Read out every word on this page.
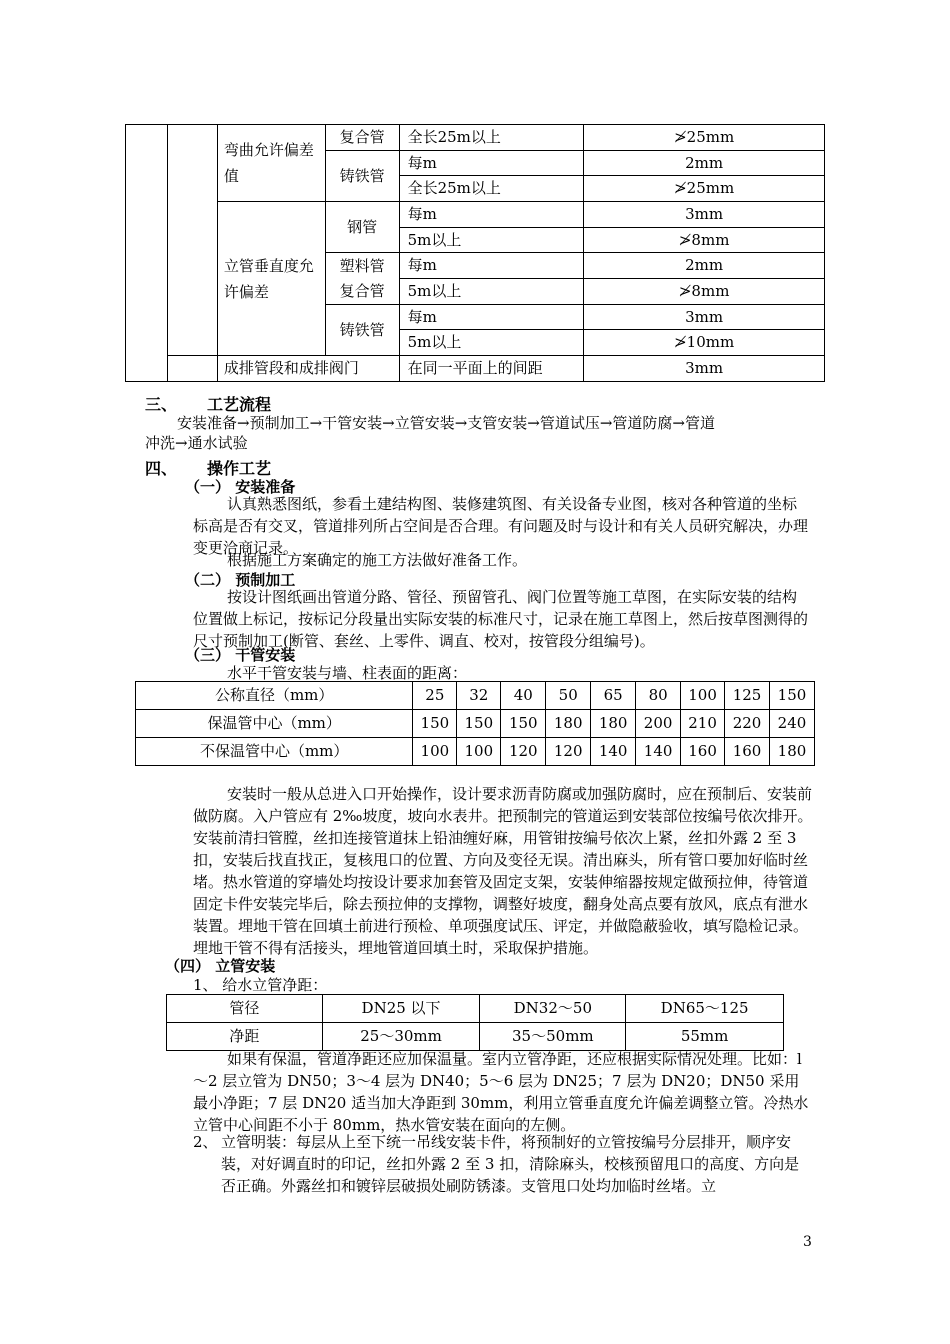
		弯曲允许偏差值	复合管	全长25m以上	≯25mm
			铸铁管	每m	2mm
				全长25m以上	≯25mm
		立管垂直度允许偏差	钢管	每m	3mm
				5m以上	≯8mm
			塑料管	每m	2mm
			复合管	5m以上	≯8mm
			铸铁管	每m	3mm
				5m以上	≯10mm
		成排管段和成排阀门		在同一平面上的间距	3mm
三、 工艺流程
安装准备→预制加工→干管安装→立管安装→支管安装→管道试压→管道防腐→管道
冲洗→通水试验
四、 操作工艺
（一） 安装准备
认真熟悉图纸，参看土建结构图、装修建筑图、有关设备专业图，核对各种管道的坐标标高是否有交叉，管道排列所占空间是否合理。有问题及时与设计和有关人员研究解决，办理变更洽商记录。
根据施工方案确定的施工方法做好准备工作。
（二） 预制加工
按设计图纸画出管道分路、管径、预留管孔、阀门位置等施工草图，在实际安装的结构位置做上标记，按标记分段量出实际安装的标准尺寸，记录在施工草图上，然后按草图测得的尺寸预制加工(断管、套丝、上零件、调直、校对，按管段分组编号)。
（三） 干管安装
水平干管安装与墙、柱表面的距离：
公称直径（mm）	25	32	40	50	65	80	100	125	150
保温管中心（mm）	150	150	150	180	180	200	210	220	240
不保温管中心（mm）	100	100	120	120	140	140	160	160	180
安装时一般从总进入口开始操作，设计要求沥青防腐或加强防腐时，应在预制后、安装前做防腐。入户管应有 2‰坡度，坡向水表井。把预制完的管道运到安装部位按编号依次排开。安装前清扫管膛，丝扣连接管道抹上铅油缠好麻，用管钳按编号依次上紧，丝扣外露 2 至 3 扣，安装后找直找正，复核甩口的位置、方向及变径无误。清出麻头，所有管口要加好临时丝堵。热水管道的穿墙处均按设计要求加套管及固定支架，安装伸缩器按规定做预拉伸，待管道固定卡件安装完毕后，除去预拉伸的支撑物，调整好坡度，翻身处高点要有放风，底点有泄水装置。埋地干管在回填土前进行预检、单项强度试压、评定，并做隐蔽验收，填写隐检记录。埋地干管不得有活接头，埋地管道回填土时，采取保护措施。
（四） 立管安装
1、 给水立管净距：
管径	DN25 以下	DN32～50	DN65～125
净距	25～30mm	35～50mm	55mm
如果有保温，管道净距还应加保温量。室内立管净距，还应根据实际情况处理。比如：l～2 层立管为 DN50；3～4 层为 DN40；5～6 层为 DN25；7 层为 DN20；DN50 采用最小净距；7 层 DN20 适当加大净距到 30mm，利用立管垂直度允许偏差调整立管。冷热水立管中心间距不小于 80mm，热水管安装在面向的左侧。
2、 立管明装：每层从上至下统一吊线安装卡件，将预制好的立管按编号分层排开，顺序安装，对好调直时的印记，丝扣外露 2 至 3 扣，清除麻头，校核预留甩口的高度、方向是否正确。外露丝扣和镀锌层破损处刷防锈漆。支管甩口处均加临时丝堵。立
3
